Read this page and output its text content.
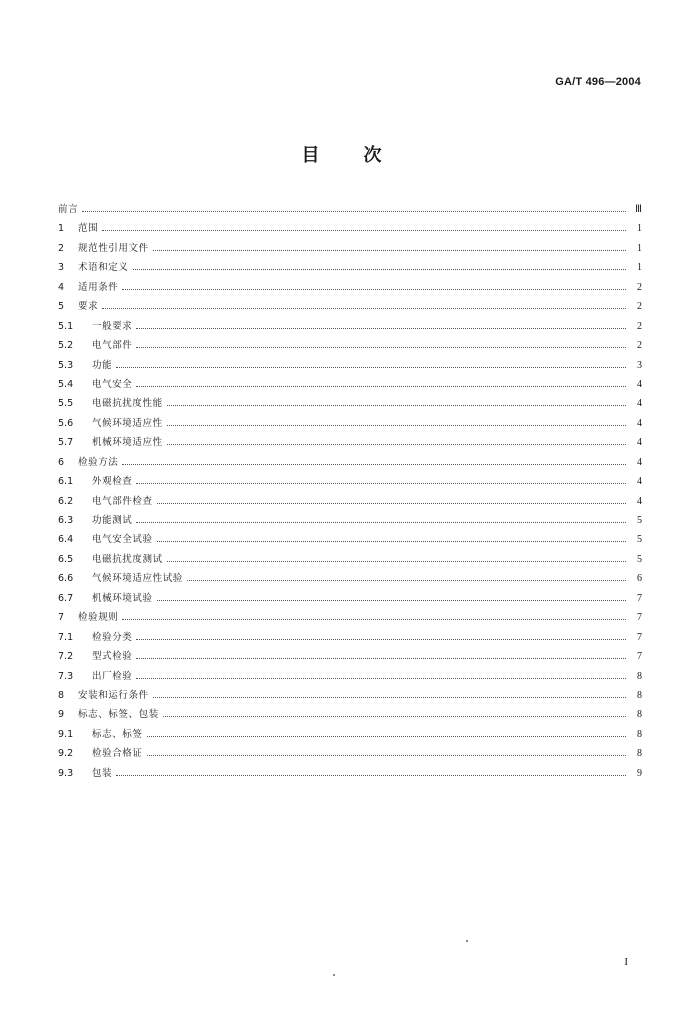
GA/T 496—2004
目 次
前言	Ⅲ
1	范围	1
2	规范性引用文件	1
3	术语和定义	1
4	适用条件	2
5	要求	2
5.1	一般要求	2
5.2	电气部件	2
5.3	功能	3
5.4	电气安全	4
5.5	电磁抗扰度性能	4
5.6	气候环境适应性	4
5.7	机械环境适应性	4
6	检验方法	4
6.1	外观检查	4
6.2	电气部件检查	4
6.3	功能测试	5
6.4	电气安全试验	5
6.5	电磁抗扰度测试	5
6.6	气候环境适应性试验	6
6.7	机械环境试验	7
7	检验规则	7
7.1	检验分类	7
7.2	型式检验	7
7.3	出厂检验	8
8	安装和运行条件	8
9	标志、标签、包装	8
9.1	标志、标签	8
9.2	检验合格证	8
9.3	包装	9
I
